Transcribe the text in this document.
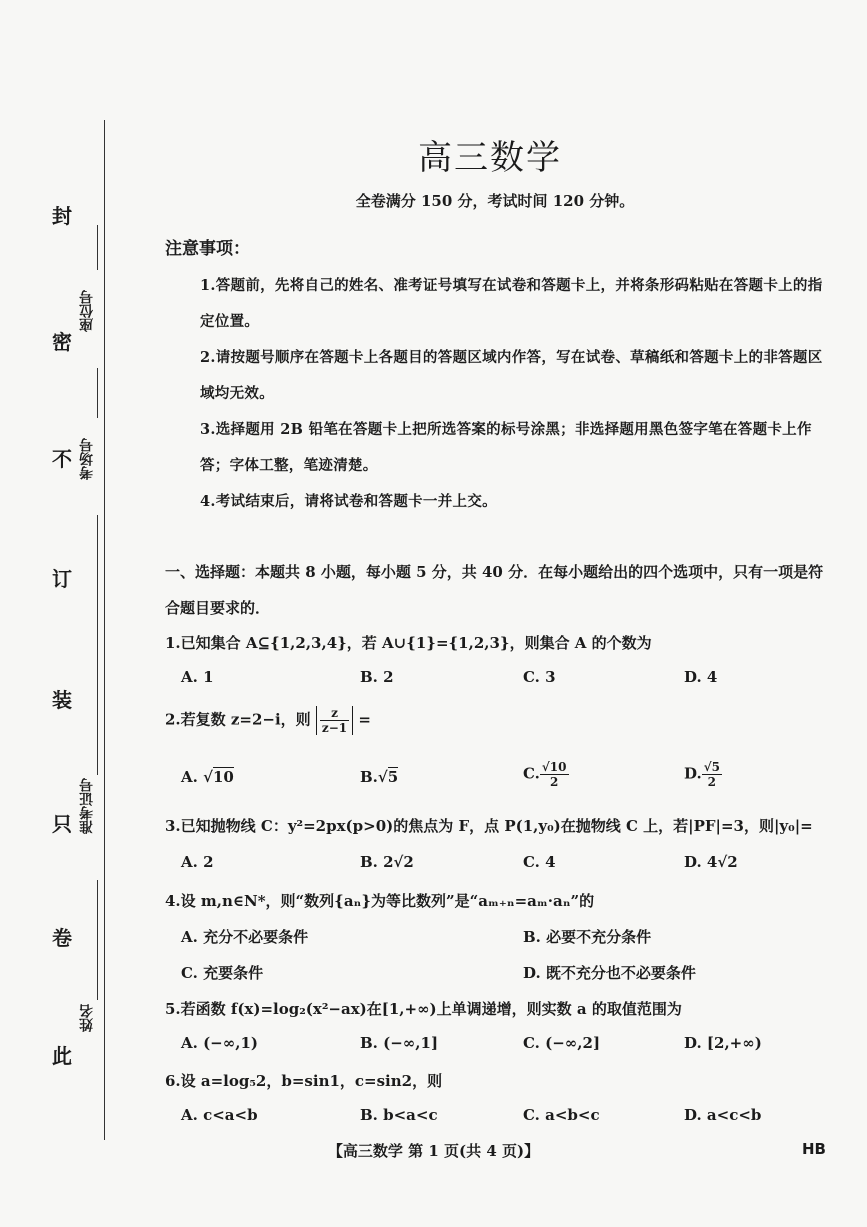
封
密
不
订
装
只
卷
此
座位号
考场号
准考证号
姓名
高三数学
全卷满分 150 分，考试时间 120 分钟。
注意事项：
1.答题前，先将自己的姓名、准考证号填写在试卷和答题卡上，并将条形码粘贴在答题卡上的指定位置。
2.请按题号顺序在答题卡上各题目的答题区域内作答，写在试卷、草稿纸和答题卡上的非答题区域均无效。
3.选择题用 2B 铅笔在答题卡上把所选答案的标号涂黑；非选择题用黑色签字笔在答题卡上作答；字体工整，笔迹清楚。
4.考试结束后，请将试卷和答题卡一并上交。
一、选择题：本题共 8 小题，每小题 5 分，共 40 分．在每小题给出的四个选项中，只有一项是符合题目要求的．
1.已知集合 A⊆{1,2,3,4}，若 A∪{1}={1,2,3}，则集合 A 的个数为
A. 1	B. 2	C. 3	D. 4
2.若复数 z=2−i，则 $\frac{z}{z-1}$ =
A. √10	B.√5	C. $\frac{√10}{2}$	D. $\frac{√5}{2}$
3.已知抛物线 C：y²=2px(p>0)的焦点为 F，点 P(1,y₀)在抛物线 C 上，若|PF|=3，则|y₀|=
A. 2	B. 2√2	C. 4	D. 4√2
4.设 m,n∈N*，则“数列{aₙ}为等比数列”是“aₘ₊ₙ=aₘ·aₙ”的
A. 充分不必要条件	B. 必要不充分条件
C. 充要条件	D. 既不充分也不必要条件
5.若函数 f(x)=log₂(x²−ax)在[1,+∞)上单调递增，则实数 a 的取值范围为
A. (−∞,1)	B. (−∞,1]	C. (−∞,2]	D. [2,+∞)
6.设 a=log₅2，b=sin1，c=sin2，则
A. c<a<b	B. b<a<c	C. a<b<c	D. a<c<b
【高三数学 第 1 页(共 4 页)】	HB
